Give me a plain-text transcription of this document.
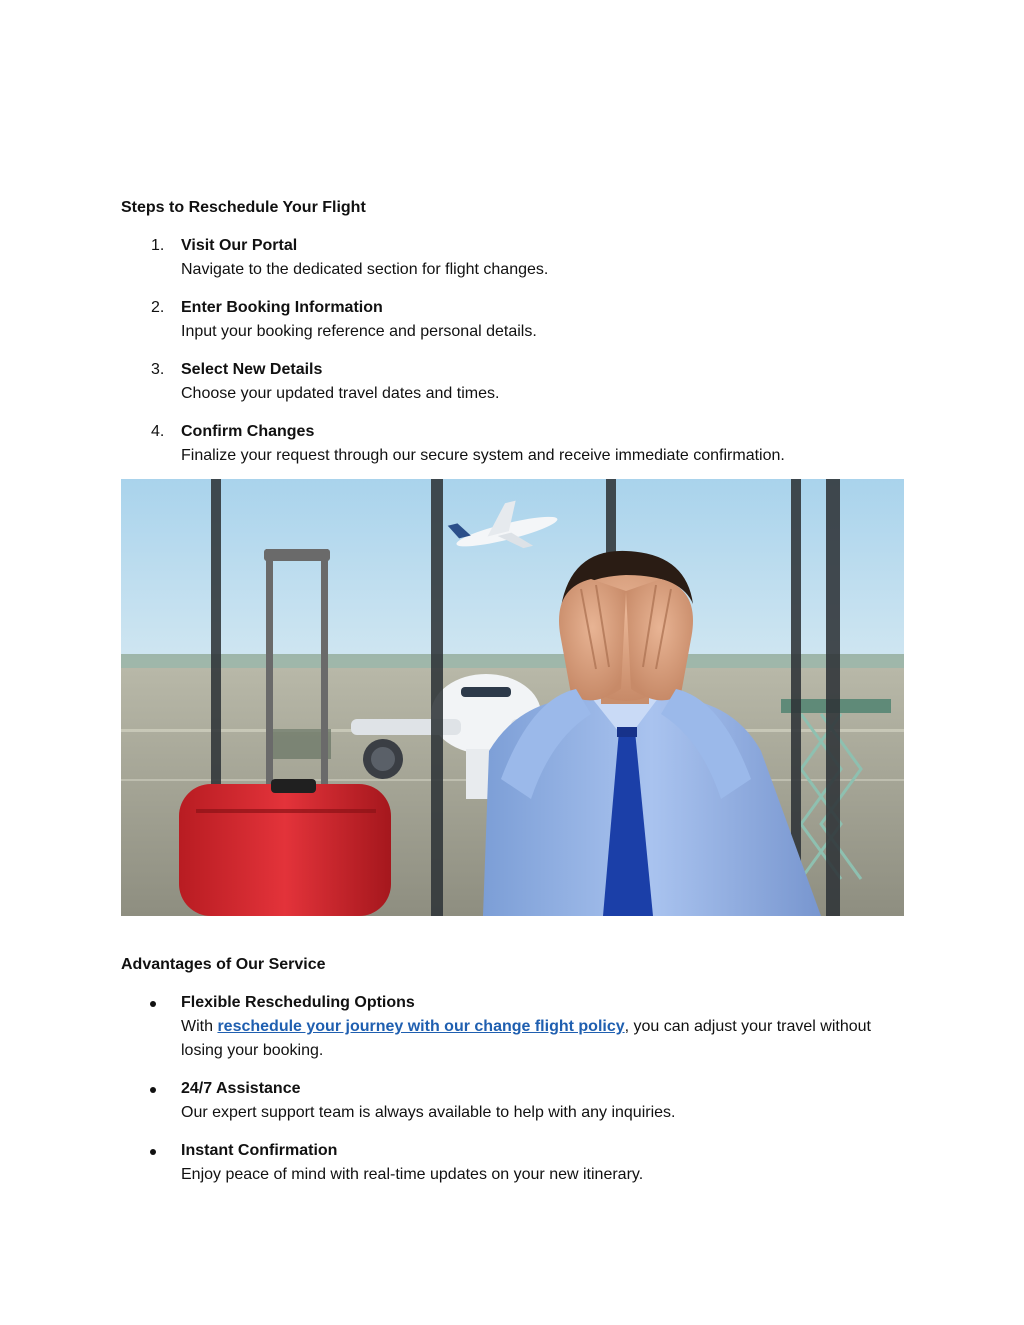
Steps to Reschedule Your Flight
1.	Visit Our Portal
Navigate to the dedicated section for flight changes.
2.	Enter Booking Information
Input your booking reference and personal details.
3.	Select New Details
Choose your updated travel dates and times.
4.	Confirm Changes
Finalize your request through our secure system and receive immediate confirmation.
Advantages of Our Service
Flexible Rescheduling Options
With reschedule your journey with our change flight policy, you can adjust your travel without losing your booking.
24/7 Assistance
Our expert support team is always available to help with any inquiries.
Instant Confirmation
Enjoy peace of mind with real-time updates on your new itinerary.
